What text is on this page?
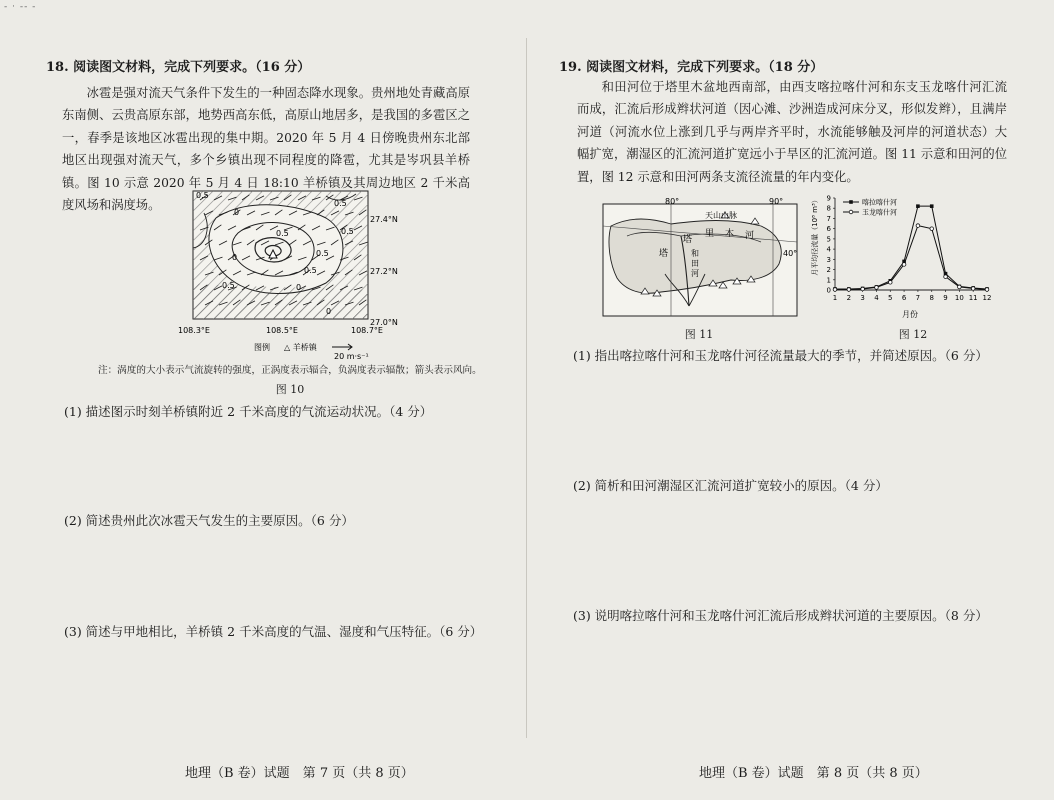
- · -- -
18. 阅读图文材料，完成下列要求。（16 分）
冰雹是强对流天气条件下发生的一种固态降水现象。贵州地处青藏高原东南侧、云贵高原东部，地势西高东低，高原山地居多，是我国的多雹区之一，春季是该地区冰雹出现的集中期。2020 年 5 月 4 日傍晚贵州东北部地区出现强对流天气，多个乡镇出现不同程度的降雹，尤其是岑巩县羊桥镇。图 10 示意 2020 年 5 月 4 日 18:10 羊桥镇及其周边地区 2 千米高度风场和涡度场。
0.5
0
0.5
0.5
0.5
0
0.5
0.5
0.5	0
0
27.4°N
27.2°N
27.0°N
108.3°E	108.5°E	108.7°E
图例 △ 羊桥镇
20 m·s⁻¹
注：涡度的大小表示气流旋转的强度，正涡度表示辐合，负涡度表示辐散；箭头表示风向。
图 10
(1) 描述图示时刻羊桥镇附近 2 千米高度的气流运动状况。（4 分）
(2) 简述贵州此次冰雹天气发生的主要原因。（6 分）
(3) 简述与甲地相比，羊桥镇 2 千米高度的气温、湿度和气压特征。（6 分）
地理（B 卷）试题　第 7 页（共 8 页）
19. 阅读图文材料，完成下列要求。（18 分）
和田河位于塔里木盆地西南部，由西支喀拉喀什河和东支玉龙喀什河汇流而成，汇流后形成辫状河道（因心滩、沙洲造成河床分叉，形似发辫），且满岸河道（河流水位上涨到几乎与两岸齐平时，水流能够触及河岸的河道状态）大幅扩宽，潮湿区的汇流河道扩宽远小于旱区的汇流河道。图 11 示意和田河的位置，图 12 示意和田河两条支流径流量的年内变化。
80°	90°
40°
天山山脉
塔
里 木 河
塔	和
田
河
图 11
0
1
2
3
4
5
6
7
8
9
1 2 3 4 5 6 7 8 9 10 11 12
喀拉喀什河
玉龙喀什河
月平均径流量（10⁸ m³）
月份
图 12
(1) 指出喀拉喀什河和玉龙喀什河径流量最大的季节，并简述原因。（6 分）
(2) 简析和田河潮湿区汇流河道扩宽较小的原因。（4 分）
(3) 说明喀拉喀什河和玉龙喀什河汇流后形成辫状河道的主要原因。（8 分）
地理（B 卷）试题　第 8 页（共 8 页）
